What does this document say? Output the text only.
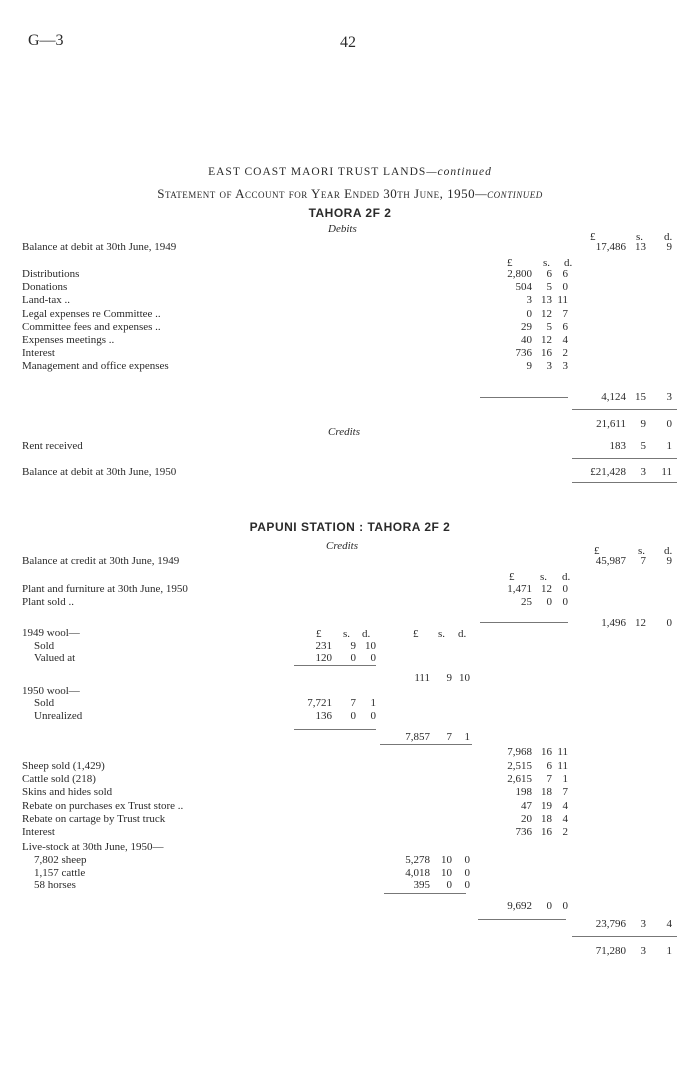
G—3	42
EAST COAST MAORI TRUST LANDS—continued
Statement of Account for Year Ended 30th June, 1950—continued
TAHORA 2F 2
Debits
£	s. d.
Balance at debit at 30th June, 1949	17,486 13 9
£	s. d.
Distributions	2,800 6 6
Donations	504 5 0
Land-tax ..	3 13 11
Legal expenses re Committee ..	0 12 7
Committee fees and expenses ..	29 5 6
Expenses meetings ..	40 12 4
Interest	736 16 2
Management and office expenses	9 3 3
4,124 15 3
21,611 9 0
Credits
Rent received	183 5 1
Balance at debit at 30th June, 1950	£21,428 3 11
PAPUNI STATION : TAHORA 2F 2
Credits	£	s. d.
Balance at credit at 30th June, 1949	45,987 7 9
£ s. d.
Plant and furniture at 30th June, 1950	1,471 12 0
Plant sold ..	25 0 0
1,496 12 0
1949 wool—	£ s. d.	£ s. d.
Sold	231 9 10
Valued at	120 0 0
111 9 10
1950 wool—
Sold	7,721 7 1
Unrealized	136 0 0
7,857 7 1
7,968 16 11
Sheep sold (1,429)	2,515 6 11
Cattle sold (218)	2,615 7 1
Skins and hides sold	198 18 7
Rebate on purchases ex Trust store ..	47 19 4
Rebate on cartage by Trust truck	20 18 4
Interest	736 16 2
Live-stock at 30th June, 1950—
7,802 sheep	5,278 10 0
1,157 cattle	4,018 10 0
58 horses	395 0 0
9,692 0 0
23,796 3 4
71,280 3 1
